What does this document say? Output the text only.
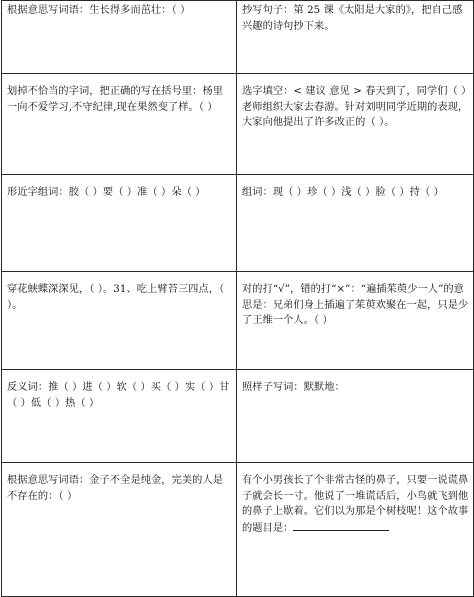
根据意思写词语：生长得多而茁壮：（ ）	抄写句子：第 25 课《太阳是大家的》，把自己感兴趣的诗句抄下来。

划掉不恰当的字词，把正确的写在括号里：杨里一向不爱学习,不守纪律,现在果然变了样。（ ）	选字填空：< 建议 意见 > 春天到了，同学们（ ）老师组织大家去春游。针对刘明同学近期的表现，大家向他提出了许多改正的（ ）。

形近字组词：胶（ ）要（ ）准（ ）朵（ ）	组词：现（ ）珍（ ）浅（ ）脸（ ）持（ ）

穿花蛱蝶深深见，（ ）。31、吃上臂苔三四点，（ ）。	对的打“√”，错的打“×”：“遍插茱萸少一人”的意思是：兄弟们身上插遍了茱萸欢聚在一起，只是少了王维一个人。（ ）

反义词：推（ ）进（ ）软（ ）买（ ）实（ ）甘（ ）低（ ）热（ ）	照样子写词：默默地：

根据意思写词语：金子不全是纯金，完美的人是不存在的：（ ）	有个小男孩长了个非常古怪的鼻子，只要一说谎鼻子就会长一寸。他说了一堆谎话后，小鸟就飞到他的鼻子上歇着。它们以为那是个树枝呢！这个故事的题目是：
